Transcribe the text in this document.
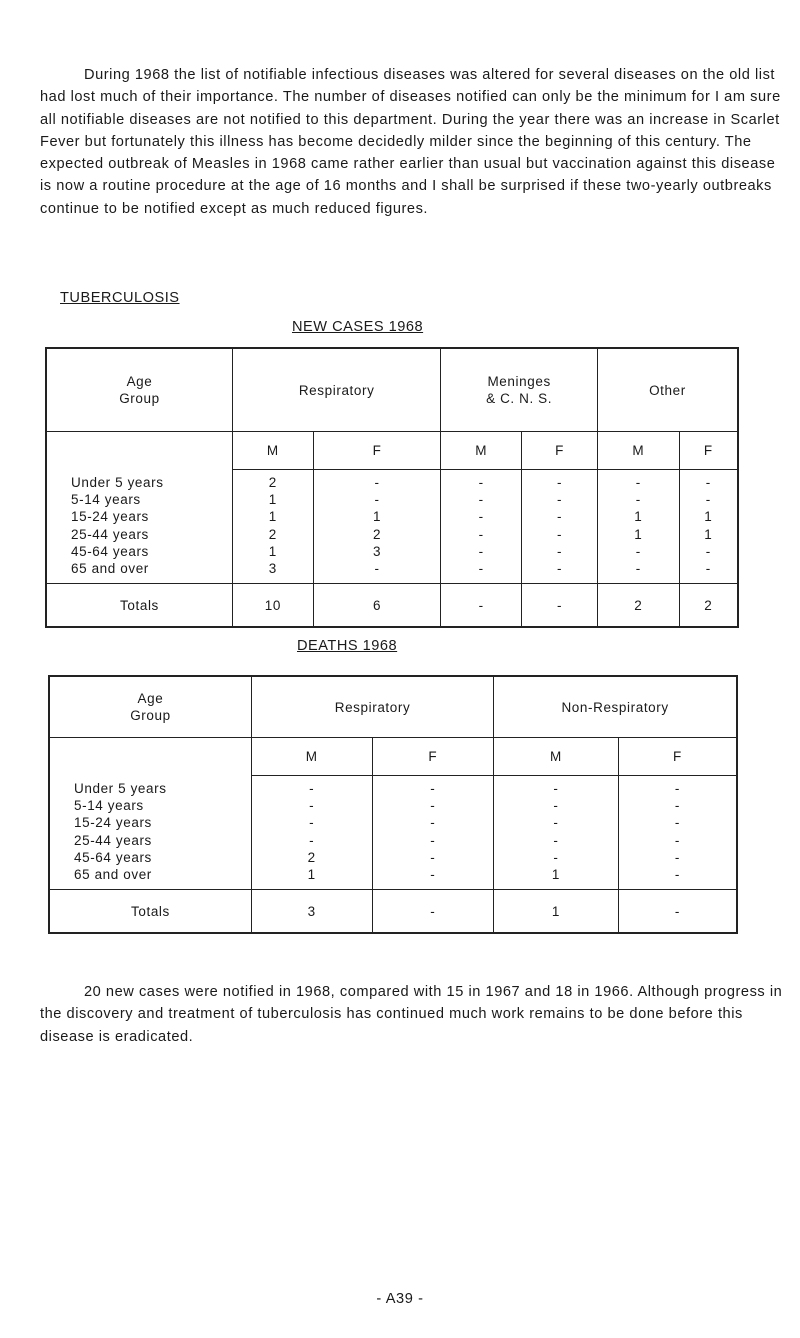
During 1968 the list of notifiable infectious diseases was altered for several diseases on the old list had lost much of their importance. The number of diseases notified can only be the minimum for I am sure all notifiable diseases are not notified to this department. During the year there was an increase in Scarlet Fever but fortunately this illness has become decidedly milder since the beginning of this century. The expected outbreak of Measles in 1968 came rather earlier than usual but vaccination against this disease is now a routine procedure at the age of 16 months and I shall be surprised if these two-yearly outbreaks continue to be notified except as much reduced figures.

TUBERCULOSIS

NEW CASES 1968

Age
Group	Respiratory		Meninges
& C. N. S.		Other	
	M	F	M	F	M	F
Under 5 years	2	-	-	-	-	-
5-14 years	1	-	-	-	-	-
15-24 years	1	1	-	-	1	1
25-44 years	2	2	-	-	1	1
45-64 years	1	3	-	-	-	-
65 and over	3	-	-	-	-	-
Totals	10	6	-	-	2	2

DEATHS 1968

Age
Group	Respiratory		Non-Respiratory	
	M	F	M	F
Under 5 years	-	-	-	-
5-14 years	-	-	-	-
15-24 years	-	-	-	-
25-44 years	-	-	-	-
45-64 years	2	-	-	-
65 and over	1	-	1	-
Totals	3	-	1	-

20 new cases were notified in 1968, compared with 15 in 1967 and 18 in 1966. Although progress in the discovery and treatment of tuberculosis has continued much work remains to be done before this disease is eradicated.

- A39 -
